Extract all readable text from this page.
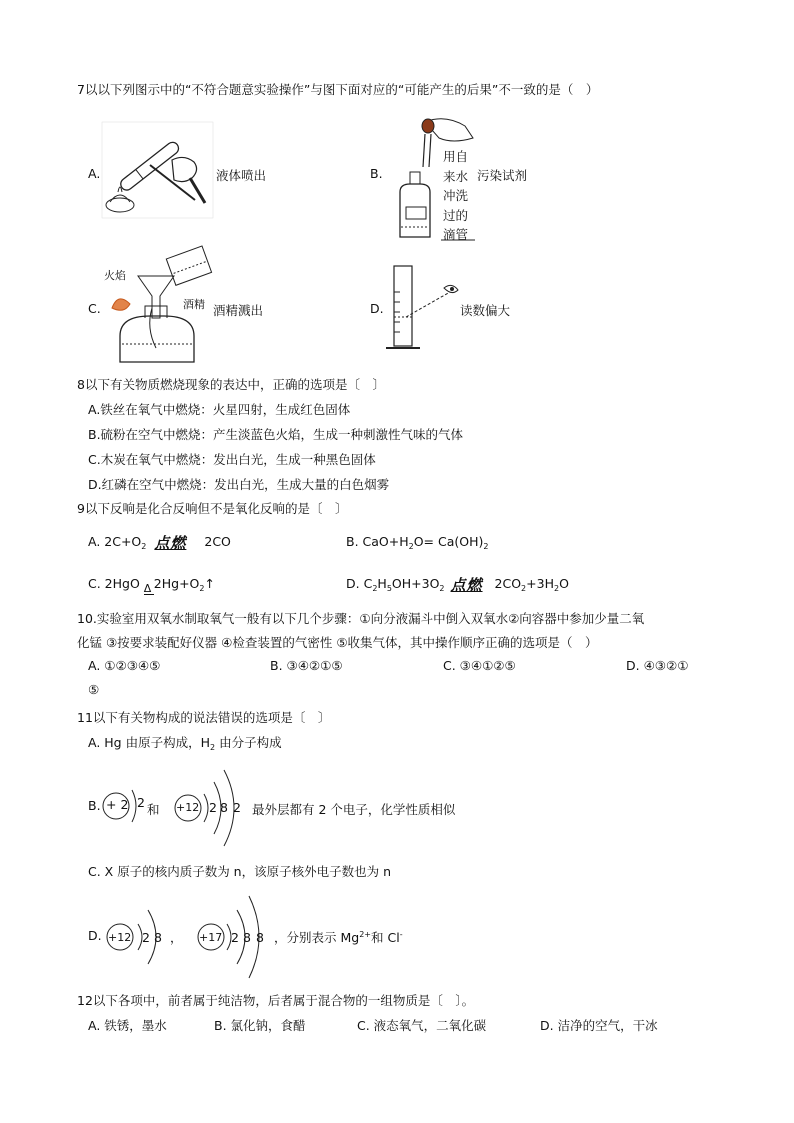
7以以下列图示中的“不符合题意实验操作”与图下面对应的“可能产生的后果”不一致的是（　）
A.	液体喷出	B.
用自
来水
冲洗
过的
滴管
污染试剂
C.
火焰
酒精 酒精溅出	D.	读数偏大
8以下有关物质燃烧现象的表达中，正确的选项是〔　〕
A.铁丝在氧气中燃烧：火星四射，生成红色固体
B.硫粉在空气中燃烧：产生淡蓝色火焰，生成一种刺激性气味的气体
C.木炭在氧气中燃烧：发出白光，生成一种黑色固体
D.红磷在空气中燃烧：发出白光，生成大量的白色烟雾
9以下反响是化合反响但不是氧化反响的是〔　〕
A. $2C+O_2$ 点燃 2CO	B. $CaO+H_2O= Ca(OH)_2$
C. 2HgO Δ $2Hg+O_2↑$	D. $C_2H_5OH+3O_2$ 点燃 $2CO_2+3H_2O$
10.实验室用双氧水制取氧气一般有以下几个步骤：①向分液漏斗中倒入双氧水②向容器中参加少量二氧
化锰 ③按要求装配好仪器 ④检查装置的气密性 ⑤收集气体，其中操作顺序正确的选项是（　）
A. ①②③④⑤	B. ③④②①⑤	C. ③④①②⑤	D. ④③②①
⑤
11以下有关物构成的说法错误的选项是〔　〕
A. Hg 由原子构成，$H_2$ 由分子构成
B. + 2 2 和 +12 2 8 2 最外层都有 2 个电子，化学性质相似
C. X 原子的核内质子数为 n，该原子核外电子数也为 n
D. +12 2 8 ， +17 2 8 8 ，分别表示 $Mg^{2+}$和 Cl-
12以下各项中，前者属于纯洁物，后者属于混合物的一组物质是〔　〕。
A. 铁锈，墨水	B. 氯化钠，食醋	C. 液态氧气，二氧化碳	D. 洁净的空气，干冰
